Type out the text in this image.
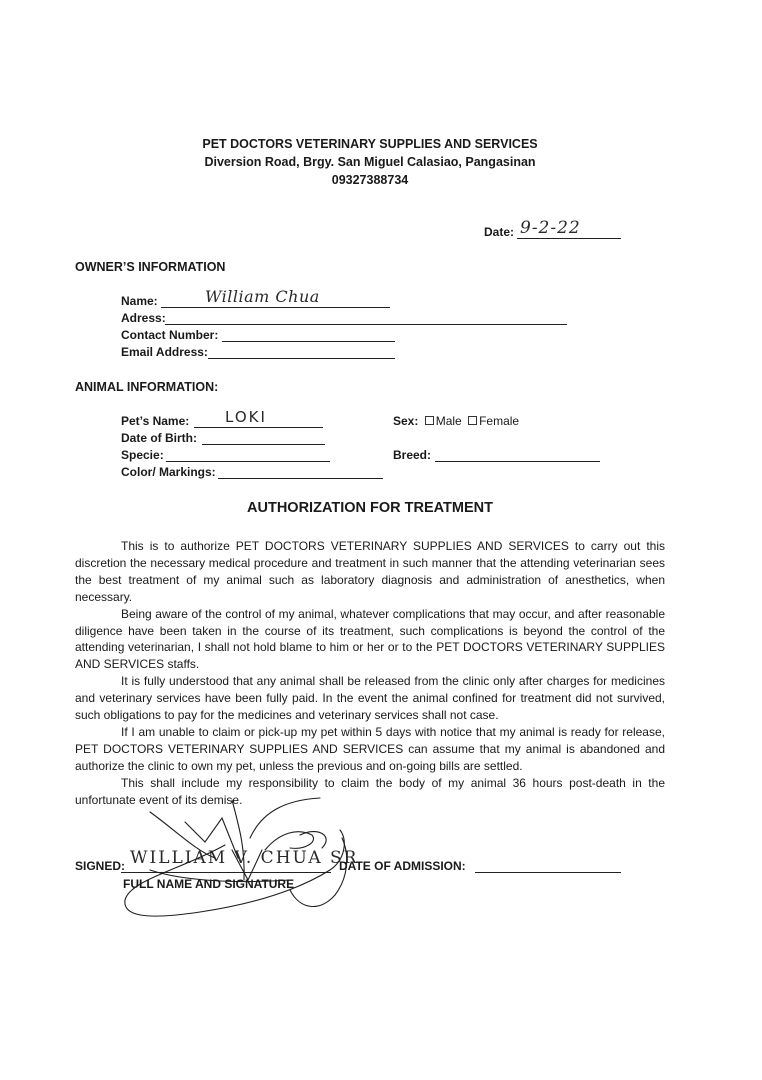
PET DOCTORS VETERINARY SUPPLIES AND SERVICES
Diversion Road, Brgy. San Miguel Calasiao, Pangasinan
09327388734
Date: 9-2-22
OWNER’S INFORMATION
Name:	William Chua
Adress:
Contact Number:
Email Address:
ANIMAL INFORMATION:
Pet’s Name: LOKI	Sex: Male Female
Date of Birth:
Specie:	Breed:
Color/ Markings:
AUTHORIZATION FOR TREATMENT

This is to authorize PET DOCTORS VETERINARY SUPPLIES AND SERVICES to carry out this discretion the necessary medical procedure and treatment in such manner that the attending veterinarian sees the best treatment of my animal such as laboratory diagnosis and administration of anesthetics, when necessary.

Being aware of the control of my animal, whatever complications that may occur, and after reasonable diligence have been taken in the course of its treatment, such complications is beyond the control of the attending veterinarian, I shall not hold blame to him or her or to the PET DOCTORS VETERINARY SUPPLIES AND SERVICES staffs.

It is fully understood that any animal shall be released from the clinic only after charges for medicines and veterinary services have been fully paid. In the event the animal confined for treatment did not survived, such obligations to pay for the medicines and veterinary services shall not case.

If I am unable to claim or pick-up my pet within 5 days with notice that my animal is ready for release, PET DOCTORS VETERINARY SUPPLIES AND SERVICES can assume that my animal is abandoned and authorize the clinic to own my pet, unless the previous and on-going bills are settled.

This shall include my responsibility to claim the body of my animal 36 hours post-death in the unfortunate event of its demise.

SIGNED: WILLIAM V. CHUA SR
FULL NAME AND SIGNATURE
DATE OF ADMISSION:
